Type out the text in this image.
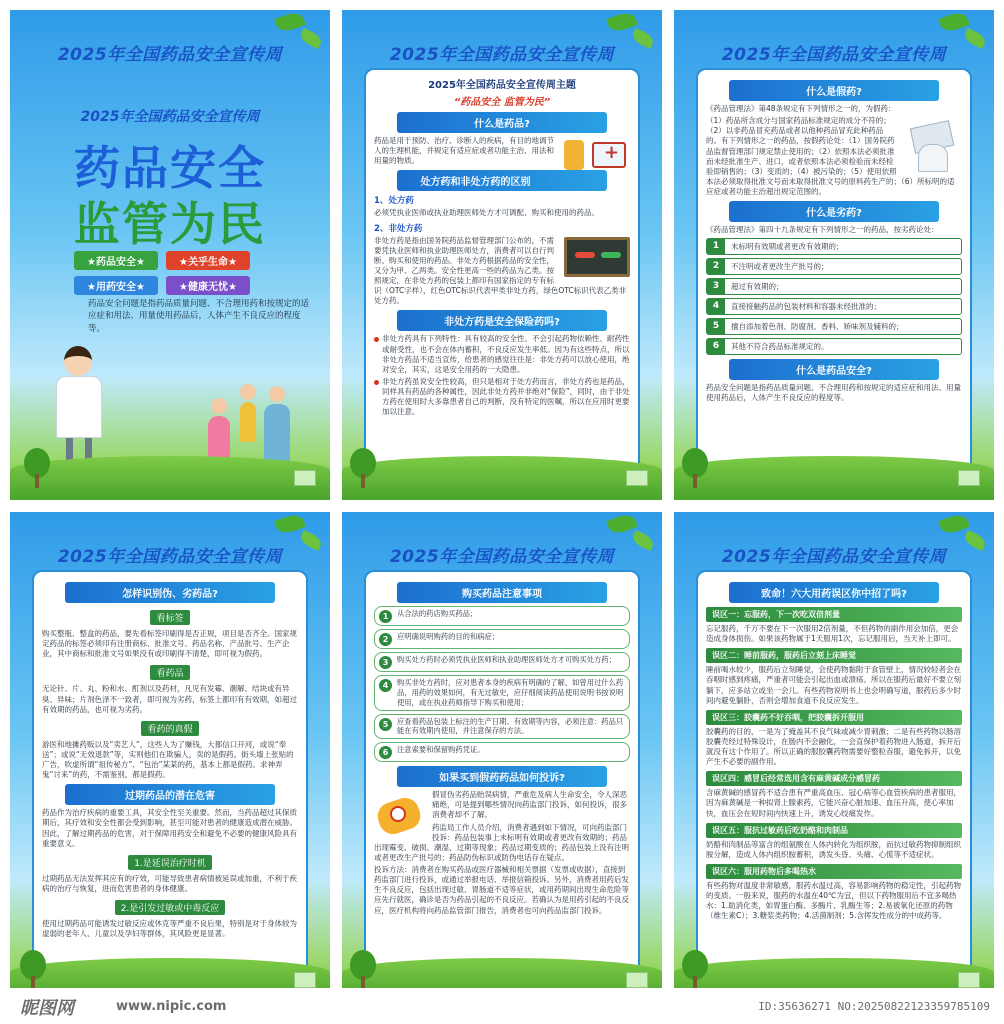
2025年全国药品安全宣传周
2025年全国药品安全宣传周
药品安全
监管为民
★药品安全★	★关乎生命★ ★用药安全★	★健康无忧★
药品安全问题是指药品质量问题、不合理用药和按规定的适应症和用法、用量使用药品后，人体产生不良反应的程度等。
2025年全国药品安全宣传周
2025年全国药品安全宣传周主题
“药品安全 监管为民”
什么是药品?
+
药品是用于预防、治疗、诊断人的疾病，有目的地调节人的生理机能，并规定有适应症或者功能主治、用法和用量的物质。
处方药和非处方药的区别
1、处方药
必须凭执业医师或执业助理医师处方才可调配、购买和使用的药品。
2、非处方药
非处方药是指由国务院药品监督管理部门公布的，不需要凭执业医师和执业助理医师处方，消费者可以自行判断、购买和使用的药品。非处方药根据药品的安全性，又分为甲、乙两类。安全性更高一些的药品为乙类。按照规定，在非处方药的包装上都印有国家指定的专有标识（OTC字样），红色OTC标识代表甲类非处方药，绿色OTC标识代表乙类非处方药。
非处方药是安全保险药吗?
非处方药具有下列特性：具有较高的安全性、不会引起药物依赖性、耐药性或耐受性，也不会在体内蓄积，不良反应发生率低。因为有这些特点，所以非处方药品不适当宣传，给患者的感觉往往是：非处方药可以放心使用，绝对安全，其实，这是安全用药的一大隐患。
非处方药虽说安全性较高，但只是相对于处方药而言，非处方药也是药品，同样具有药品的各种属性，因此非处方药并非绝对“保险”，同时，由于非处方药在使用时大多靠患者自己的判断，没有特定的医嘱，所以在应用时更要加以注意。
2025年全国药品安全宣传周
什么是假药?
《药品管理法》第48条规定有下列情形之一的，为假药：
（1）药品所含成分与国家药品标准规定的成分不符的；（2）以非药品冒充药品或者以他种药品冒充此种药品的。有下列情形之一的药品，按假药论处：（1）国务院药品监督管理部门规定禁止使用的；（2）依照本法必须批准而未经批准生产、进口，或者依照本法必须检验而未经检验即销售的；（3）变质的；（4）被污染的；（5）使用依照本法必须取得批准文号而未取得批准文号的原料药生产的；（6）所标明的适应症或者功能主治超出规定范围的。
什么是劣药?
《药品管理法》第四十九条规定有下列情形之一的药品，按劣药论处：
1	未标明有效期或者更改有效期的；
2	不注明或者更改生产批号的；
3	超过有效期的；
4	直接接触药品的包装材料和容器未经批准的；
5	擅自添加着色剂、防腐剂、香料、矫味剂及辅料的；
6	其他不符合药品标准规定的。
什么是药品安全?
药品安全问题是指药品质量问题、不合理用药和按规定的适应症和用法、用量使用药品后，人体产生不良反应的程度等。
2025年全国药品安全宣传周
怎样识别伪、劣药品?
看标签
购买整瓶、整盒的药品，要先看标签印刷得是否正规，项目是否齐全。国家规定药品的标签必须印有注册商标、批准文号、药品名称、产品批号、生产企业，其中商标和批准文号如果没有或印刷得不清楚，即可视为假药。
看药品
无论针、片、丸、粉和水、酊剂以及药材，凡见有发霉、潮解、结块或有异臭、异味；片剂色泽不一致者，即可视为劣药，标签上都印有有效期，如超过有效期的药品，也可视为劣药。
看药的真假
游医和地摊药贩以及“卖艺人”，这些人为了赚钱，大都信口开河，或说“奉送”；或说“无效退款”等，实则他们在欺骗人，卖的是假药。街头墙上张贴的广告，吹虚所谓“祖传秘方”、“包治”某某的药，基本上都是假药。求神弄鬼“讨来”的药，不需鉴别，都是假药。
过期药品的潜在危害
药品作为治疗疾病的重要工具，其安全性至关重要。然而，当药品超过其保质期后，其疗效和安全性都会受到影响，甚至可能对患者的健康造成潜在威胁。因此，了解过期药品的危害，对于保障用药安全和避免不必要的健康风险具有重要意义。
1.是延误治疗时机
过期药品无法发挥其应有的疗效，可能导致患者病情被延误或加重，不利于疾病的治疗与恢复，进而危害患者的身体健康。
2.是引发过敏或中毒反应
使用过期药品可能诱发过敏反应或休克等严重不良后果，特别是对于身体较为虚弱的老年人、儿童以及孕妇等群体，其风险更是显著。
2025年全国药品安全宣传周
购买药品注意事项
1	从合法的药店购买药品；
2	应明确说明购药的目的和病症；
3	购买处方药时必须凭执业医师和执业助理医师处方才可购买处方药；
4	购买非处方药时，应对患者本身的疾病有明确的了解，如曾用过什么药品，用药的效果如何，有无过敏史，应仔细阅读药品使用说明书按说明使用，或在执业药师指导下购买和使用；
5	应查看药品包装上标注的生产日期、有效期等内容，必须注意：药品只能在有效期内使用，并注意保存的方法。
6	注意索要和保留购药凭证。
如果买到假药药品如何投诉?
假冒伪劣药品贻误病情，严重危及病人生命安全，令人深恶痛绝，可是提到哪些情况向药监部门投诉，如何投诉，很多消费者却不了解。
药监局工作人员介绍，消费者遇到如下情况，可向药监部门投诉：药品包装事上未标明有效期或者更改有效期的；药品出现霉变、破损、潮湿、过期等现象；药品过期变质的；药品包装上没有注明或者更改生产批号的；药品防伪标识或防伪电话存在疑点。
投诉方法：消费者在购买药品或医疗器械和相关票据（发票或收据），直接到药监部门进行投诉，或通过举报电话、举报信箱投诉。另外，消费者用药后发生不良反应，包括出现过敏、胃肠道不适等症状，或用药期间出现生命危险等应先行就医，确诊是否为药品引起的不良反应。若确认为是用药引起的不良反应，医疗机构将向药品监管部门报告，消费者也可向药品监部门投诉。
2025年全国药品安全宣传周
致命！六大用药误区你中招了吗?
误区一：忘服药，下一次吃双倍剂量
忘记服药，千万不要在下一次服用2倍剂量，不但药物的副作用会加倍，更会造成身体损伤。如果该药物属于1天服用1次，忘记服用后，当天补上即可。
误区二：睡前服药，服药后立刻上床睡觉
睡前喝水较少，服药后立刻睡觉，会使药物黏附于食管壁上，情况较轻者会在吞咽时感到疼痛，严重者可能会引起出血或溃疡。所以在服药后最好不要立刻躺下，应多站立或坐一会儿。有些药物说明书上也会明确写道，服药后多少时间内避免躺卧，否则会增加食道不良反应发生。
误区三：胶囊药不好吞咽，把胶囊拆开服用
胶囊药的目的，一是为了掩盖其不良气味或减少胃刺激；二是有些药物以肠溶胶囊壳经过特殊设计，在肠内不会融化，一会直保护着药物进入肠道，拆开后就没有这个作用了。所以正确的服胶囊药物需要好整粒吞服，避免拆开，以免产生不必要的副作用。
误区四：感冒后经常选用含有麻黄碱成分感冒药
含麻黄碱的感冒药不适合患有严重高血压、冠心病等心血管疾病的患者服用，因为麻黄碱是一种拟肾上腺素药，它能兴奋心脏加速、血压升高，使心率加快，血压会在短时间内快速上升，诱发心绞痛发作。
误区五：服抗过敏药后吃奶酪和肉制品
奶酪和肉制品等富含的组氨酸在人体内转化为组织胺，而抗过敏药物抑制组织胺分解，造成人体内组织胺蓄积，诱发头昏、头痛、心慌等不适症状。
误区六：服用药物后多喝热水
有些药物对温度非常敏感，服药水温过高，容易影响药物的稳定性，引起药物的变质。一般来说，服药的水温在40℃为宜，但以下药物服用后不宜多喝热水：1.助消化类，如胃蛋白酶、多酶片、乳酶生等；2.易被氧化还原的药物（维生素C）；3.糖浆类药物；4.活菌制剂；5.含挥发性成分的中成药等。
昵图网	www.nipic.com	ID:35636271 NO:20250822123359785109
